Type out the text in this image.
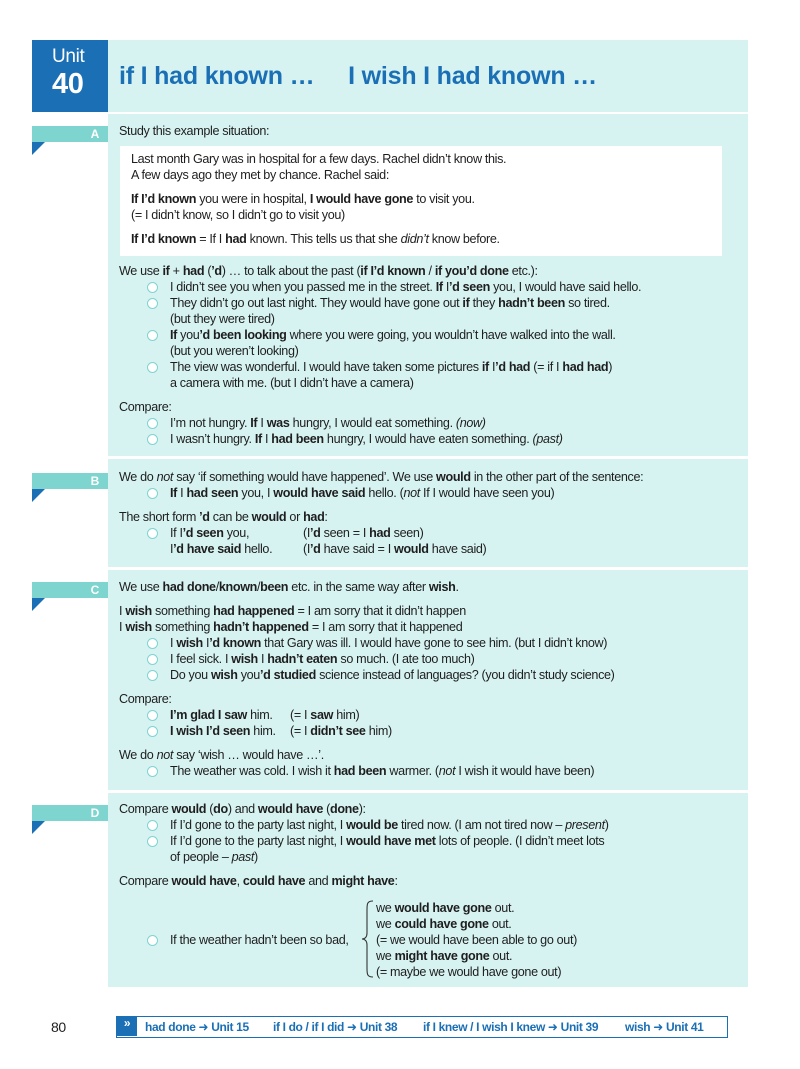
Unit
40 if I had known …     I wish I had known …
A
B
C
D
Study this example situation:
Last month Gary was in hospital for a few days. Rachel didn’t know this.
A few days ago they met by chance. Rachel said:
If I’d known you were in hospital, I would have gone to visit you.
(= I didn’t know, so I didn’t go to visit you)
If I’d known = If I had known. This tells us that she didn’t know before.
We use if + had (’d) … to talk about the past (if I’d known / if you’d done etc.):
I didn’t see you when you passed me in the street. If I’d seen you, I would have said hello.
They didn’t go out last night. They would have gone out if they hadn’t been so tired.
(but they were tired)
If you’d been looking where you were going, you wouldn’t have walked into the wall.
(but you weren’t looking)
The view was wonderful. I would have taken some pictures if I’d had (= if I had had)
a camera with me. (but I didn’t have a camera)
Compare:
I’m not hungry. If I was hungry, I would eat something. (now)
I wasn’t hungry. If I had been hungry, I would have eaten something. (past)
We do not say ‘if something would have happened’. We use would in the other part of the sentence:
If I had seen you, I would have said hello. (not If I would have seen you)
The short form ’d can be would or had:
If I’d seen you,	(I’d seen = I had seen)
I’d have said hello. (I’d have said = I would have said)
We use had done/known/been etc. in the same way after wish.
I wish something had happened = I am sorry that it didn’t happen
I wish something hadn’t happened = I am sorry that it happened
I wish I’d known that Gary was ill. I would have gone to see him. (but I didn’t know)
I feel sick. I wish I hadn’t eaten so much. (I ate too much)
Do you wish you’d studied science instead of languages? (you didn’t study science)
Compare:
I’m glad I saw him. (= I saw him)
I wish I’d seen him. (= I didn’t see him)
We do not say ‘wish … would have …’.
The weather was cold. I wish it had been warmer. (not I wish it would have been)
Compare would (do) and would have (done):
If I’d gone to the party last night, I would be tired now. (I am not tired now – present)
If I’d gone to the party last night, I would have met lots of people. (I didn’t meet lots
of people – past)
Compare would have, could have and might have:
If the weather hadn’t been so bad,
we would have gone out.
we could have gone out.
(= we would have been able to go out)
we might have gone out.
(= maybe we would have gone out)
80	»	had done ➜ Unit 15 if I do / if I did ➜ Unit 38 if I knew / I wish I knew ➜ Unit 39 wish ➜ Unit 41
